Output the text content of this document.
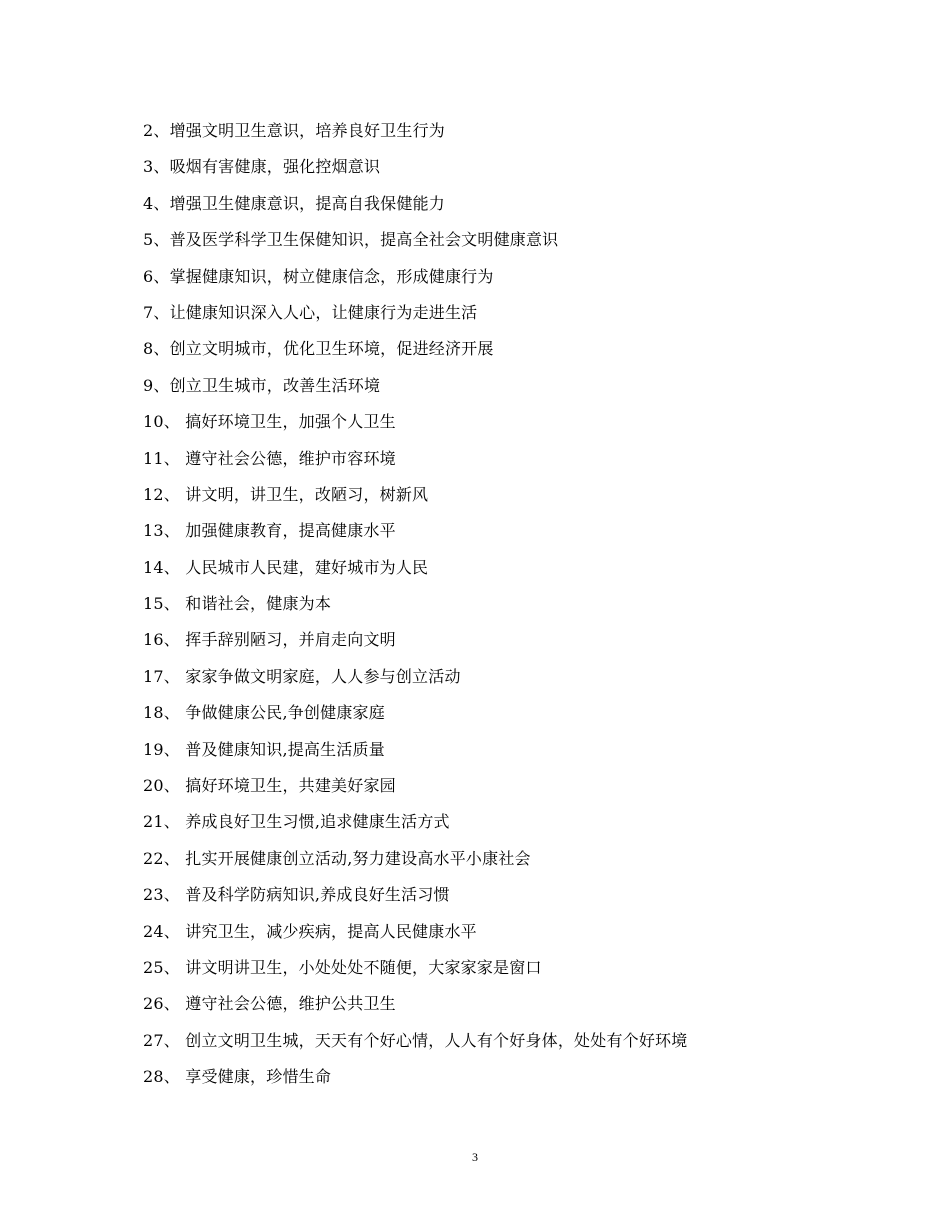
2、增强文明卫生意识，培养良好卫生行为
3、吸烟有害健康，强化控烟意识
4、增强卫生健康意识，提高自我保健能力
5、普及医学科学卫生保健知识，提高全社会文明健康意识
6、掌握健康知识，树立健康信念，形成健康行为
7、让健康知识深入人心，让健康行为走进生活
8、创立文明城市，优化卫生环境，促进经济开展
9、创立卫生城市，改善生活环境
10、 搞好环境卫生，加强个人卫生
11、 遵守社会公德，维护市容环境
12、 讲文明，讲卫生，改陋习，树新风
13、 加强健康教育，提高健康水平
14、 人民城市人民建，建好城市为人民
15、 和谐社会，健康为本
16、 挥手辞别陋习，并肩走向文明
17、 家家争做文明家庭，人人参与创立活动
18、 争做健康公民,争创健康家庭
19、 普及健康知识,提高生活质量
20、 搞好环境卫生，共建美好家园
21、 养成良好卫生习惯,追求健康生活方式
22、 扎实开展健康创立活动,努力建设高水平小康社会
23、 普及科学防病知识,养成良好生活习惯
24、 讲究卫生，减少疾病，提高人民健康水平
25、 讲文明讲卫生，小处处处不随便，大家家家是窗口
26、 遵守社会公德，维护公共卫生
27、 创立文明卫生城，天天有个好心情，人人有个好身体，处处有个好环境
28、 享受健康，珍惜生命
3
